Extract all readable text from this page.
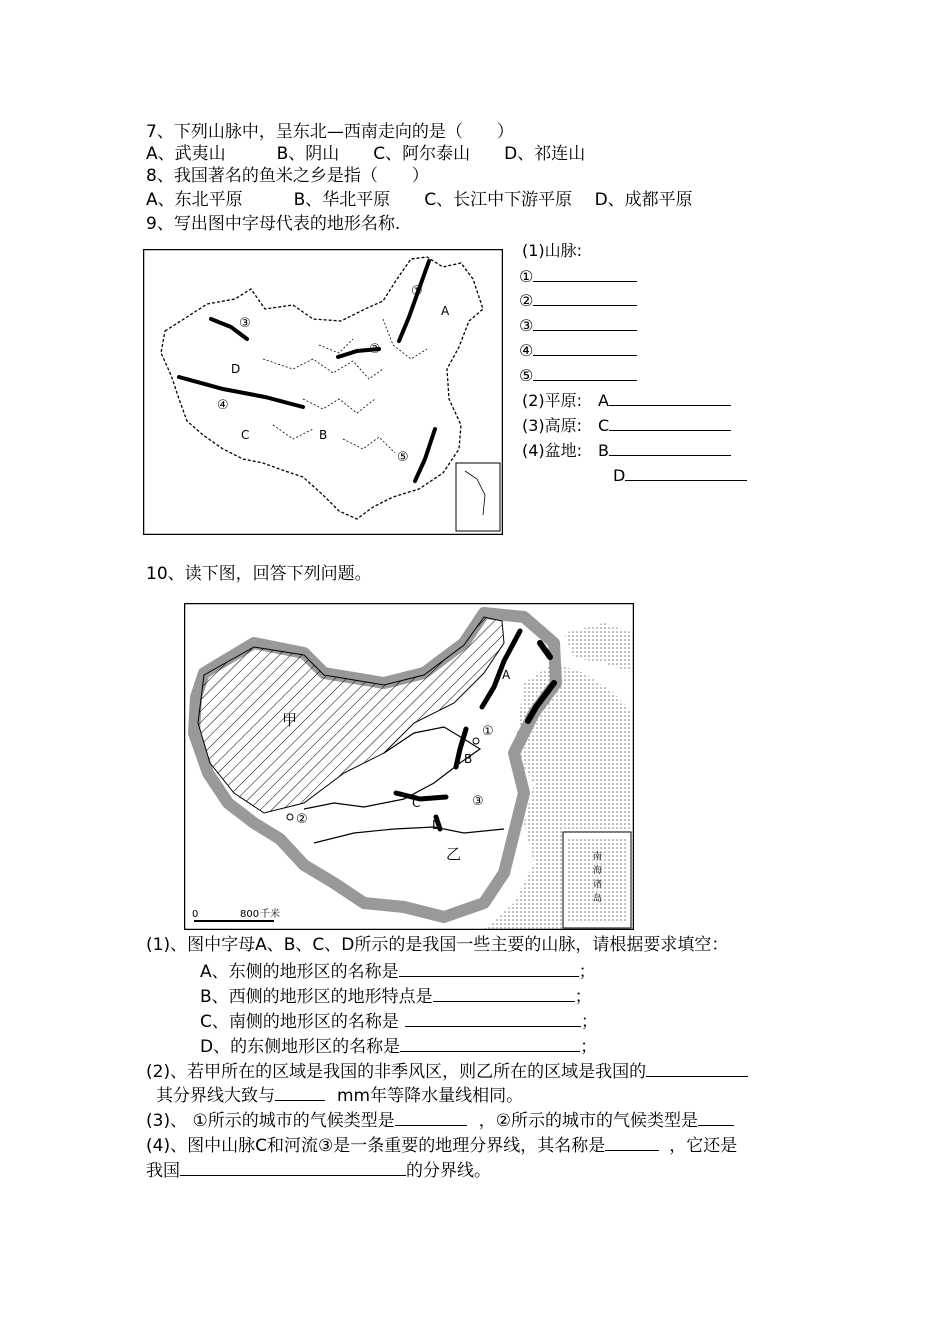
7、下列山脉中，呈东北—西南走向的是（　　）
A、武夷山　　　B、阴山　　C、阿尔泰山　　D、祁连山
8、我国著名的鱼米之乡是指（　　）
A、东北平原　　　B、华北平原　　C、长江中下游平原　 D、成都平原
9、写出图中字母代表的地形名称.
①
②
③
④
⑤
A
B
C
D
(1)山脉:
①
②
③
④
⑤
(2)平原:　A
(3)高原:　C
(4)盆地:　B
D
10、读下图，回答下列问题。
南
海
诸
岛
0	800 千米
甲
乙
A
B
C
D
①
②
③
(1)、图中字母A、B、C、D所示的是我国一些主要的山脉，请根据要求填空：
A、东侧的地形区的名称是	；
B、西侧的地形区的地形特点是	；
C、南侧的地形区的名称是	；
D、的东侧地形区的名称是	；
(2)、若甲所在的区域是我国的非季风区，则乙所在的区域是我国的
其分界线大致与	mm年等降水量线相同。
(3)、 ①所示的城市的气候类型是	，②所示的城市的气候类型是
(4)、图中山脉C和河流③是一条重要的地理分界线，其名称是	，它还是
我国	的分界线。
